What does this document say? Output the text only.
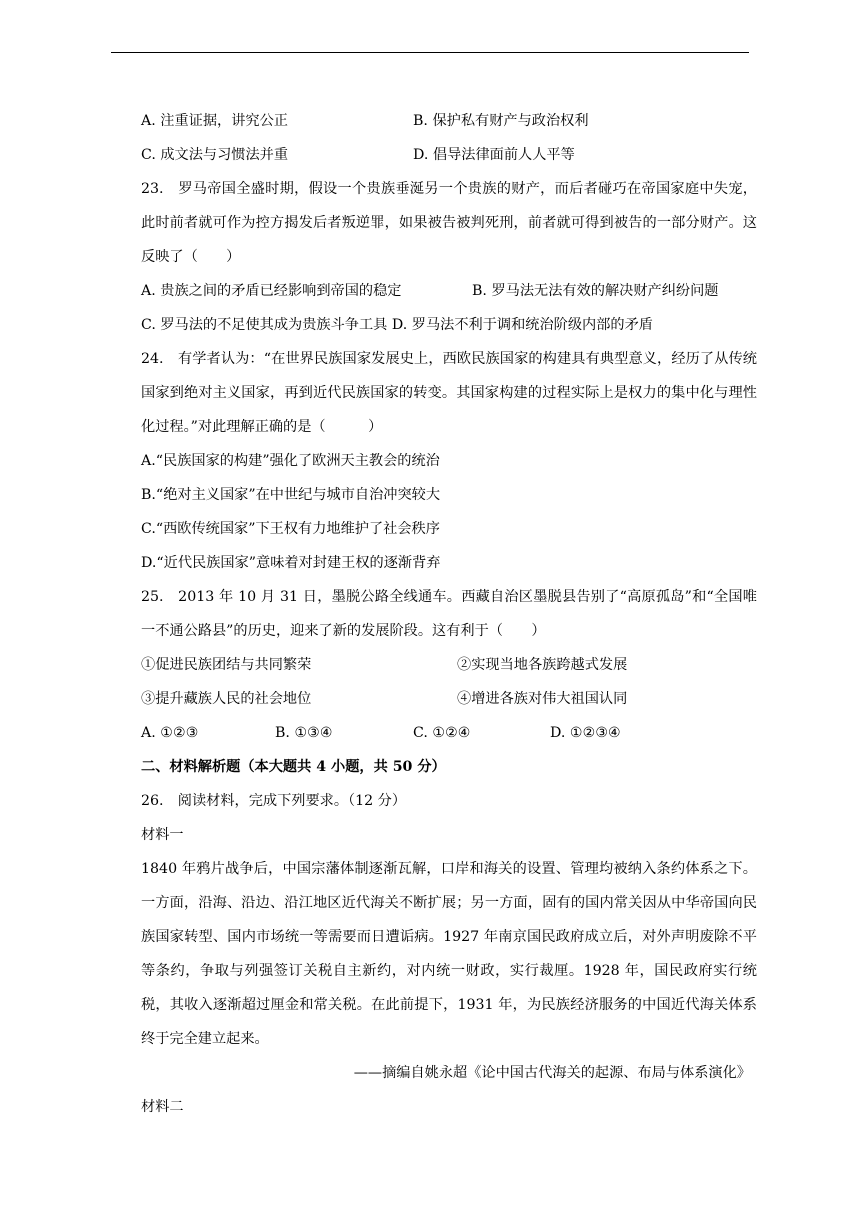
A. 注重证据，讲究公正	B. 保护私有财产与政治权利
C. 成文法与习惯法并重	D. 倡导法律面前人人平等
23.　罗马帝国全盛时期，假设一个贵族垂涎另一个贵族的财产，而后者碰巧在帝国家庭中失宠，此时前者就可作为控方揭发后者叛逆罪，如果被告被判死刑，前者就可得到被告的一部分财产。这反映了（　　）
A. 贵族之间的矛盾已经影响到帝国的稳定	B. 罗马法无法有效的解决财产纠纷问题
C. 罗马法的不足使其成为贵族斗争工具 D. 罗马法不利于调和统治阶级内部的矛盾
24.　有学者认为：“在世界民族国家发展史上，西欧民族国家的构建具有典型意义，经历了从传统国家到绝对主义国家，再到近代民族国家的转变。其国家构建的过程实际上是权力的集中化与理性化过程。”对此理解正确的是（　　　）
A.“民族国家的构建”强化了欧洲天主教会的统治
B.“绝对主义国家”在中世纪与城市自治冲突较大
C.“西欧传统国家”下王权有力地维护了社会秩序
D.“近代民族国家”意味着对封建王权的逐渐背弃
25.　2013 年 10 月 31 日，墨脱公路全线通车。西藏自治区墨脱县告别了“高原孤岛”和“全国唯一不通公路县”的历史，迎来了新的发展阶段。这有利于（　　）
①促进民族团结与共同繁荣	②实现当地各族跨越式发展
③提升藏族人民的社会地位	④增进各族对伟大祖国认同
A. ①②③	B. ①③④	C. ①②④	D. ①②③④
二、材料解析题（本大题共 4 小题，共 50 分）
26.　阅读材料，完成下列要求。（12 分）
材料一
1840 年鸦片战争后，中国宗藩体制逐渐瓦解，口岸和海关的设置、管理均被纳入条约体系之下。一方面，沿海、沿边、沿江地区近代海关不断扩展；另一方面，固有的国内常关因从中华帝国向民族国家转型、国内市场统一等需要而日遭诟病。1927 年南京国民政府成立后，对外声明废除不平等条约，争取与列强签订关税自主新约，对内统一财政，实行裁厘。1928 年，国民政府实行统税，其收入逐渐超过厘金和常关税。在此前提下，1931 年，为民族经济服务的中国近代海关体系终于完全建立起来。
——摘编自姚永超《论中国古代海关的起源、布局与体系演化》
材料二
